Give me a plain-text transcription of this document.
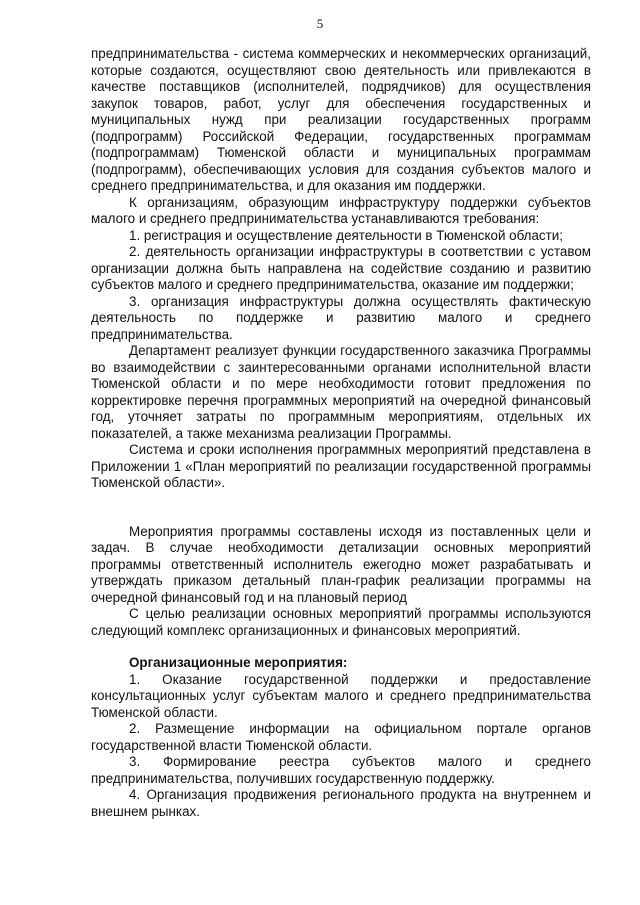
5

предпринимательства - система коммерческих и некоммерческих организаций, которые создаются, осуществляют свою деятельность или привлекаются в качестве поставщиков (исполнителей, подрядчиков) для осуществления закупок товаров, работ, услуг для обеспечения государственных и муниципальных нужд при реализации государственных программ (подпрограмм) Российской Федерации, государственных программам (подпрограммам) Тюменской области и муниципальных программам (подпрограмм), обеспечивающих условия для создания субъектов малого и среднего предпринимательства, и для оказания им поддержки.

К организациям, образующим инфраструктуру поддержки субъектов малого и среднего предпринимательства устанавливаются требования:

1. регистрация и осуществление деятельности в Тюменской области;

2. деятельность организации инфраструктуры в соответствии с уставом организации должна быть направлена на содействие созданию и развитию субъектов малого и среднего предпринимательства, оказание им поддержки;

3. организация инфраструктуры должна осуществлять фактическую деятельность по поддержке и развитию малого и среднего предпринимательства.

Департамент реализует функции государственного заказчика Программы во взаимодействии с заинтересованными органами исполнительной власти Тюменской области и по мере необходимости готовит предложения по корректировке перечня программных мероприятий на очередной финансовый год, уточняет затраты по программным мероприятиям, отдельных их показателей, а также механизма реализации Программы.

Система и сроки исполнения программных мероприятий представлена в Приложении 1 «План мероприятий по реализации государственной программы Тюменской области».

Мероприятия программы составлены исходя из поставленных цели и задач. В случае необходимости детализации основных мероприятий программы ответственный исполнитель ежегодно может разрабатывать и утверждать приказом детальный план-график реализации программы на очередной финансовый год и на плановый период

С целью реализации основных мероприятий программы используются следующий комплекс организационных и финансовых мероприятий.

Организационные мероприятия:

1. Оказание государственной поддержки и предоставление консультационных услуг субъектам малого и среднего предпринимательства Тюменской области.

2. Размещение информации на официальном портале органов государственной власти Тюменской области.

3. Формирование реестра субъектов малого и среднего предпринимательства, получивших государственную поддержку.

4. Организация продвижения регионального продукта на внутреннем и внешнем рынках.
